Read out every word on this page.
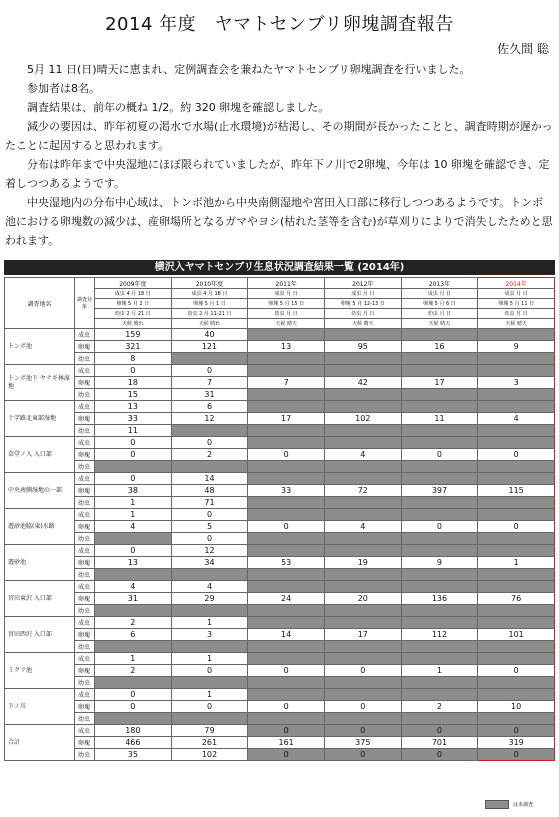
2014 年度　ヤマトセンブリ卵塊調査報告
佐久間 聡

5月 11 日(日)晴天に恵まれ、定例調査会を兼ねたヤマトセンブリ卵塊調査を行いました。

参加者は8名。

調査結果は、前年の概ね 1/2。約 320 卵塊を確認しました。

減少の要因は、昨年初夏の渇水で水場(止水環境)が枯渇し、その期間が長かったことと、調査時期が遅かったことに起因すると思われます。

分布は昨年まで中央湿地にほぼ限られていましたが、昨年下ノ川で2卵塊、今年は 10 卵塊を確認でき、定着しつつあるようです。

中央湿地内の分布中心域は、トンボ池から中央南側湿地や宮田入口部に移行しつつあるようです。トンボ池における卵塊数の減少は、産卵場所となるガマやヨシ(枯れた茎等を含む)が草刈りによりで消失したためと思われます。

横沢入ヤマトセンブリ生息状況調査結果一覧 (2014年)
調査地名	調査対象	2009年度	2010年度	2011年	2012年	2013年	2014年
		成虫 4 月 18 日	成虫 4 月 18 日	成虫 月 日	成虫 月 日	成虫 月 日	成虫 月 日
		卵塊 5 月 2 日	卵塊 5 月 1 日	卵塊 5 月 15 日	卵塊 5 月 12-13 日	卵塊 5 月 6 日	卵塊 5 月 11 日
		幼虫 2 月 21 日	幼虫 2 月 11-21 日	幼虫 月 日	幼虫 月 日	幼虫 月 日	幼虫 月 日
		天候 晴れ	天候 晴れ	天候 晴天	天候 晴天	天候 晴天	天候 晴天
トンボ池	成虫	159	40				
	卵塊	321	121	13	95	16	9
	幼虫	8					
トンボ池下 ヤナギ林湿地	成虫	0	0				
	卵塊	18	7	7	42	17	3
	幼虫	15	31				
十字路北東部湿地	成虫	13	6				
	卵塊	33	12	17	102	11	4
	幼虫	11					
草堂ノ入 入口部	成虫	0	0				
	卵塊	0	2	0	4	0	0
	幼虫						
中央南側湿地の一部	成虫	0	14				
	卵塊	38	48	33	72	397	115
	幼虫	1	71				
遊砂池脇(東)水路	成虫	1	0				
	卵塊	4	5	0	4	0	0
	幼虫		0				
遊砂池	成虫	0	12				
	卵塊	13	34	53	19	9	1
	幼虫						
宮田東沢 入口部	成虫	4	4				
	卵塊	31	29	24	20	136	76
	幼虫						
宮田西沢 入口部	成虫	2	1				
	卵塊	6	3	14	17	112	101
	幼虫						
ミクリ池	成虫	1	1				
	卵塊	2	0	0	0	1	0
	幼虫						
下ノ川	成虫	0	1				
	卵塊	0	0	0	0	2	10
	幼虫						
合計	成虫	180	79	0	0	0	0
	卵塊	466	261	161	375	701	319
	幼虫	35	102	0	0	0	0
は未調査
